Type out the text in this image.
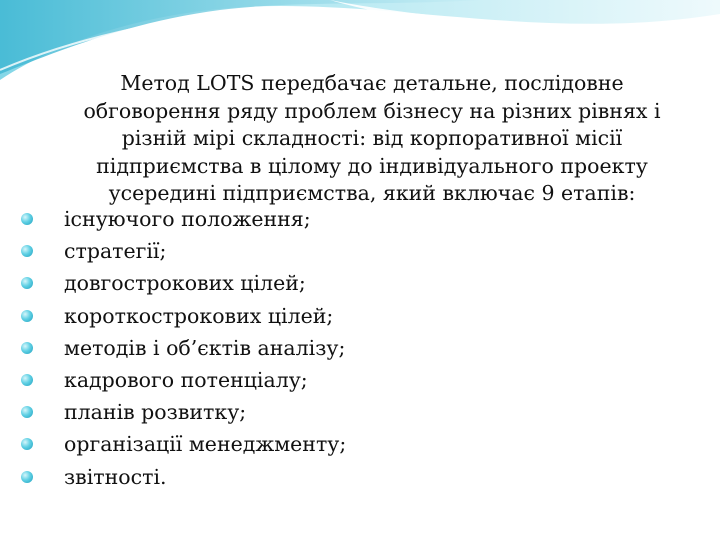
Метод LOTS передбачає детальне, послідовне обговорення ряду проблем бізнесу на різних рівнях і різній мірі складності: від корпоративної місії підприємства в цілому до індивідуального проекту усередині підприємства, який включає 9 етапів:

існуючого положення;
стратегії;
довгострокових цілей;
короткострокових цілей;
методів і об’єктів аналізу;
кадрового потенціалу;
планів розвитку;
організації менеджменту;
звітності.
